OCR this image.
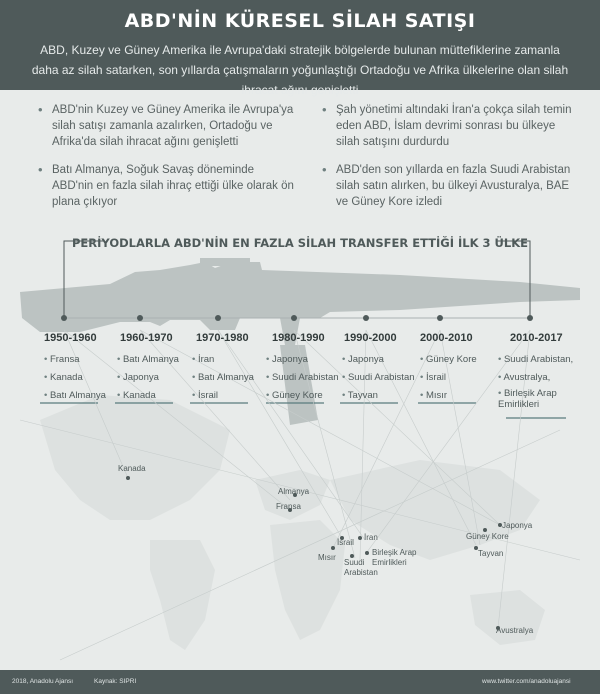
ABD'NİN KÜRESEL SİLAH SATIŞI
ABD, Kuzey ve Güney Amerika ile Avrupa'daki stratejik bölgelerde bulunan müttefiklerine zamanla daha az silah satarken, son yıllarda çatışmaların yoğunlaştığı Ortadoğu ve Afrika ülkelerine olan silah ihracat ağını genişletti
• ABD'nin Kuzey ve Güney Amerika ile Avrupa'ya silah satışı zamanla azalırken, Ortadoğu ve Afrika'da silah ihracat ağını genişletti
• Batı Almanya, Soğuk Savaş döneminde ABD'nin en fazla silah ihraç ettiği ülke olarak ön plana çıkıyor
• Şah yönetimi altındaki İran'a çokça silah temin eden ABD, İslam devrimi sonrası bu ülkeye silah satışını durdurdu
• ABD'den son yıllarda en fazla Suudi Arabistan silah satın alırken, bu ülkeyi Avusturalya, BAE ve Güney Kore izledi
PERİYODLARLA ABD'NİN EN FAZLA SİLAH TRANSFER ETTİĞİ İLK 3 ÜLKE
1950-1960
• Fransa
• Kanada
• Batı Almanya
1960-1970
• Batı Almanya
• Japonya
• Kanada
1970-1980
• İran
• Batı Almanya
• İsrail
1980-1990
• Japonya
• Suudi Arabistan
• Güney Kore
1990-2000
• Japonya
• Suudi Arabistan
• Tayvan
2000-2010
• Güney Kore
• İsrail
• Mısır
2010-2017
• Suudi Arabistan,
• Avustralya,
• Birleşik Arap Emirlikleri
Kanada
Almanya
Fransa
İsrail
İran
Mısır
Suudi Arabistan
Birleşik Arap Emirlikleri
Japonya
Güney Kore
Tayvan
Avustralya
2018, Anadolu Ajansı	Kaynak: SIPRI	www.twitter.com/anadoluajansi
